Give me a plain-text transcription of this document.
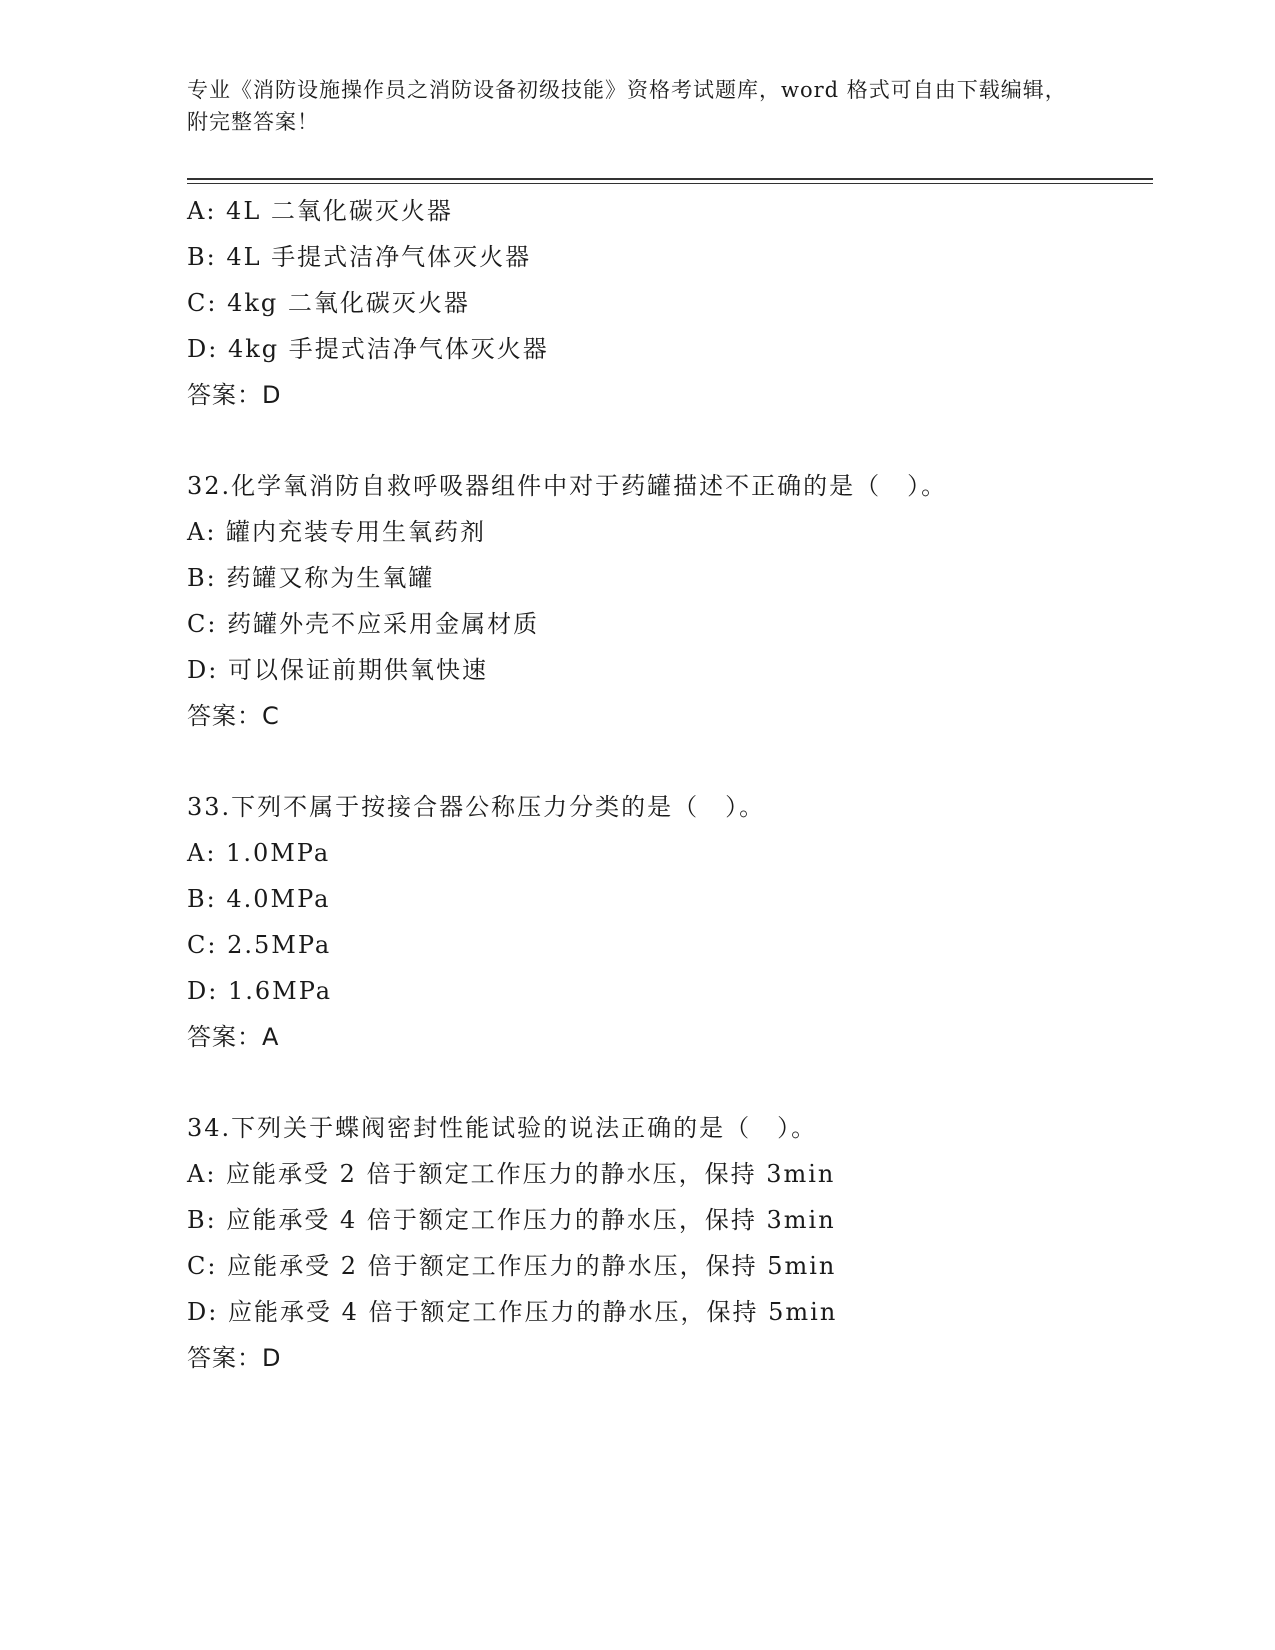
专业《消防设施操作员之消防设备初级技能》资格考试题库，word 格式可自由下载编辑，附完整答案！
A: 4L 二氧化碳灭火器
B: 4L 手提式洁净气体灭火器
C: 4kg 二氧化碳灭火器
D: 4kg 手提式洁净气体灭火器
答案：D
32.化学氧消防自救呼吸器组件中对于药罐描述不正确的是（　）。
A: 罐内充装专用生氧药剂
B: 药罐又称为生氧罐
C: 药罐外壳不应采用金属材质
D: 可以保证前期供氧快速
答案：C
33.下列不属于按接合器公称压力分类的是（　）。
A: 1.0MPa
B: 4.0MPa
C: 2.5MPa
D: 1.6MPa
答案：A
34.下列关于蝶阀密封性能试验的说法正确的是（　）。
A: 应能承受 2 倍于额定工作压力的静水压，保持 3min
B: 应能承受 4 倍于额定工作压力的静水压，保持 3min
C: 应能承受 2 倍于额定工作压力的静水压，保持 5min
D: 应能承受 4 倍于额定工作压力的静水压，保持 5min
答案：D
